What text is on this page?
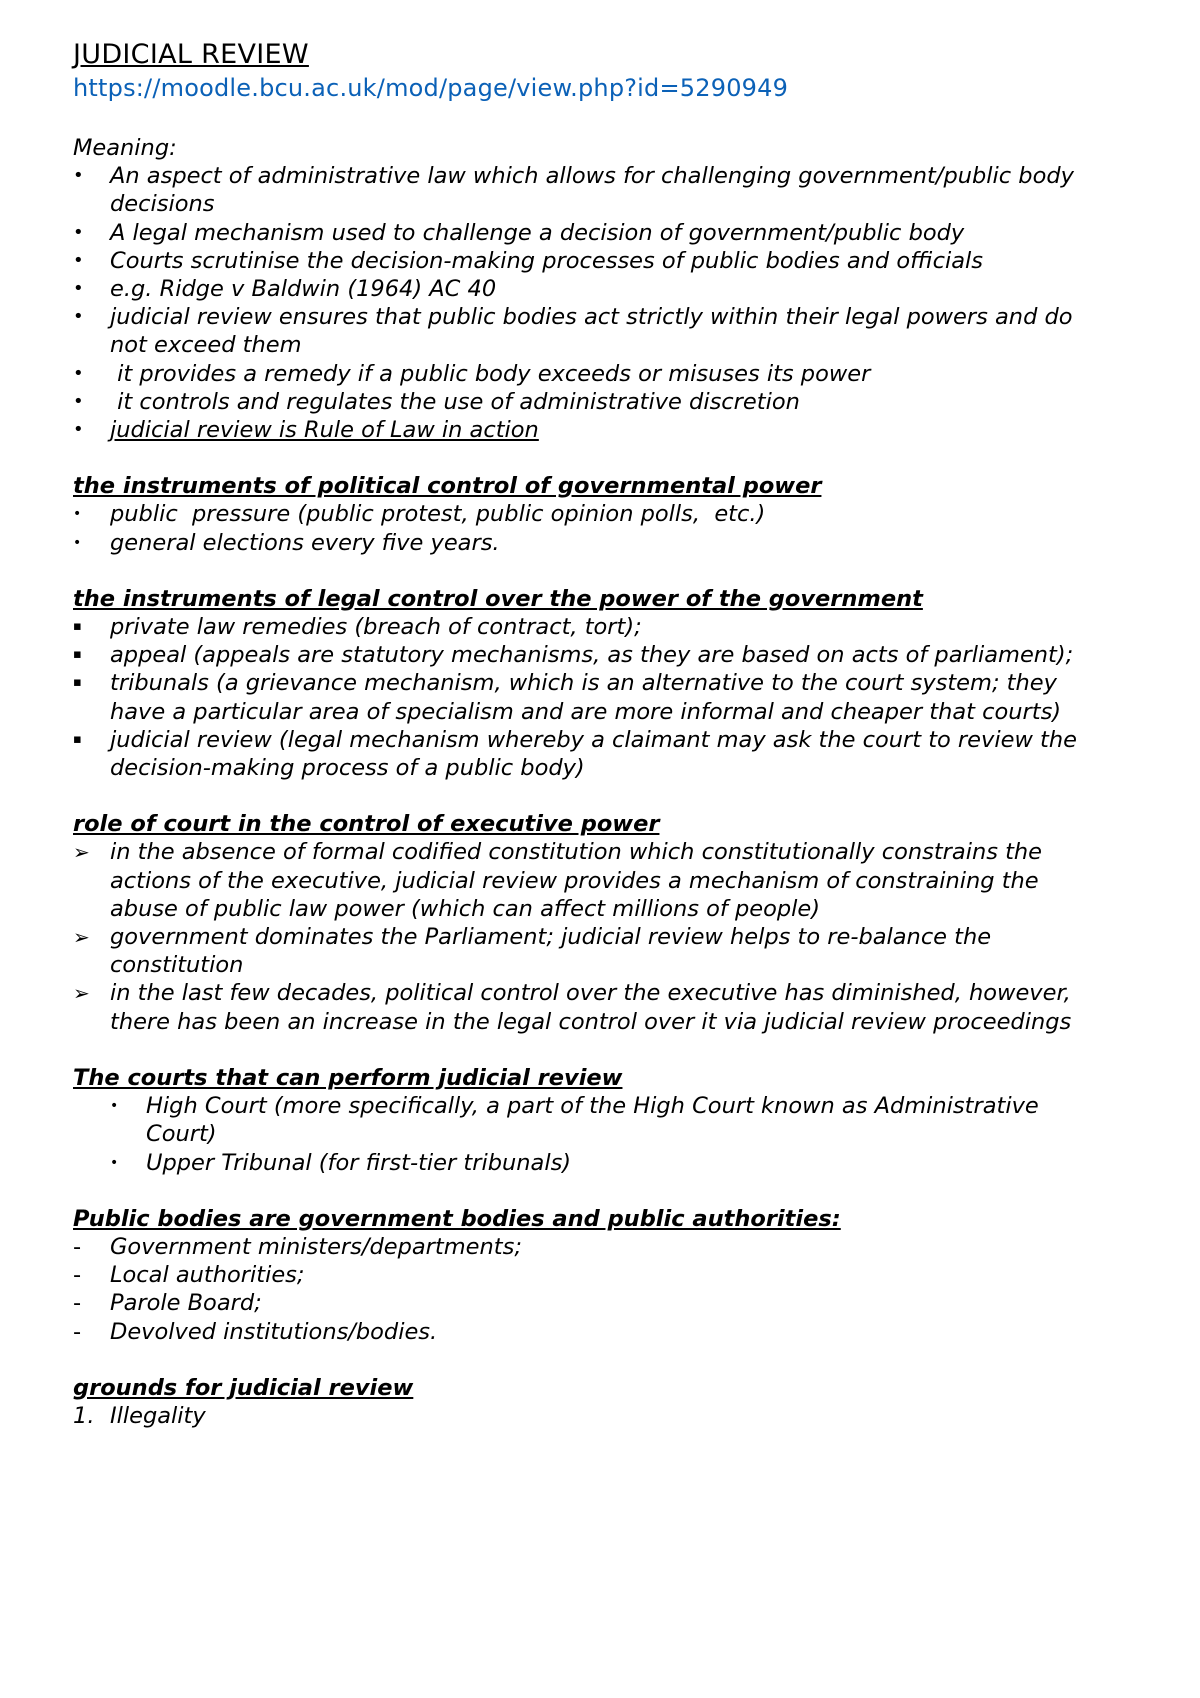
JUDICIAL REVIEW
https://moodle.bcu.ac.uk/mod/page/view.php?id=5290949
Meaning:
•	An aspect of administrative law which allows for challenging government/public body decisions
•	A legal mechanism used to challenge a decision of government/public body
•	Courts scrutinise the decision-making processes of public bodies and officials
•	e.g. Ridge v Baldwin (1964) AC 40
•	judicial review ensures that public bodies act strictly within their legal powers and do not exceed them
•	it provides a remedy if a public body exceeds or misuses its power
•	it controls and regulates the use of administrative discretion
•	judicial review is Rule of Law in action
the instruments of political control of governmental power
•	public  pressure (public protest, public opinion polls,  etc.)
•	general elections every five years.
the instruments of legal control over the power of the government
▪	private law remedies (breach of contract, tort);
▪	appeal (appeals are statutory mechanisms, as they are based on acts of parliament);
▪	tribunals (a grievance mechanism, which is an alternative to the court system; they have a particular area of specialism and are more informal and cheaper that courts)
▪	judicial review (legal mechanism whereby a claimant may ask the court to review the decision-making process of a public body)
role of court in the control of executive power
➢ in the absence of formal codified constitution which constitutionally constrains the actions of the executive, judicial review provides a mechanism of constraining the abuse of public law power (which can affect millions of people)
➢ government dominates the Parliament; judicial review helps to re-balance the constitution
➢ in the last few decades, political control over the executive has diminished, however, there has been an increase in the legal control over it via judicial review proceedings
The courts that can perform judicial review
•	High Court (more specifically, a part of the High Court known as Administrative Court)
•	Upper Tribunal (for first-tier tribunals)
Public bodies are government bodies and public authorities:
-	Government ministers/departments;
-	Local authorities;
-	Parole Board;
-	Devolved institutions/bodies.
grounds for judicial review
1. Illegality
